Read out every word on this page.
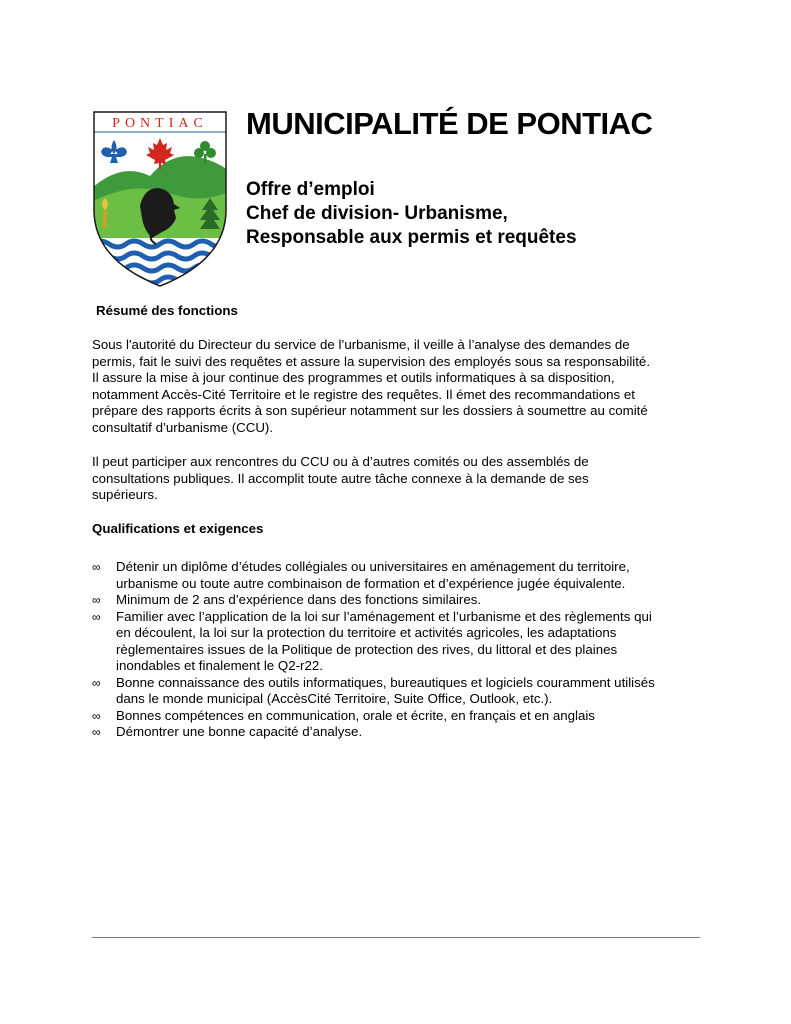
PONTIAC MUNICIPALITÉ DE PONTIAC
Offre d’emploi
Chef de division- Urbanisme,
Responsable aux permis et requêtes
Résumé des fonctions
Sous l'autorité du Directeur du service de l’urbanisme, il veille à l’analyse des demandes de
permis, fait le suivi des requêtes et assure la supervision des employés sous sa responsabilité.
Il assure la mise à jour continue des programmes et outils informatiques à sa disposition,
notamment Accès-Cité Territoire et le registre des requêtes. Il émet des recommandations et
prépare des rapports écrits à son supérieur notamment sur les dossiers à soumettre au comité
consultatif d’urbanisme (CCU).
Il peut participer aux rencontres du CCU ou à d’autres comités ou des assemblés de
consultations publiques. Il accomplit toute autre tâche connexe à la demande de ses
supérieurs.
Qualifications et exigences
∞ Détenir un diplôme d’études collégiales ou universitaires en aménagement du territoire,
urbanisme ou toute autre combinaison de formation et d’expérience jugée équivalente.
∞ Minimum de 2 ans d’expérience dans des fonctions similaires.
∞ Familier avec l’application de la loi sur l’aménagement et l’urbanisme et des règlements qui
en découlent, la loi sur la protection du territoire et activités agricoles, les adaptations
règlementaires issues de la Politique de protection des rives, du littoral et des plaines
inondables et finalement le Q2-r22.
∞ Bonne connaissance des outils informatiques, bureautiques et logiciels couramment utilisés
dans le monde municipal (AccèsCité Territoire, Suite Office, Outlook, etc.).
∞ Bonnes compétences en communication, orale et écrite, en français et en anglais
∞ Démontrer une bonne capacité d’analyse.
